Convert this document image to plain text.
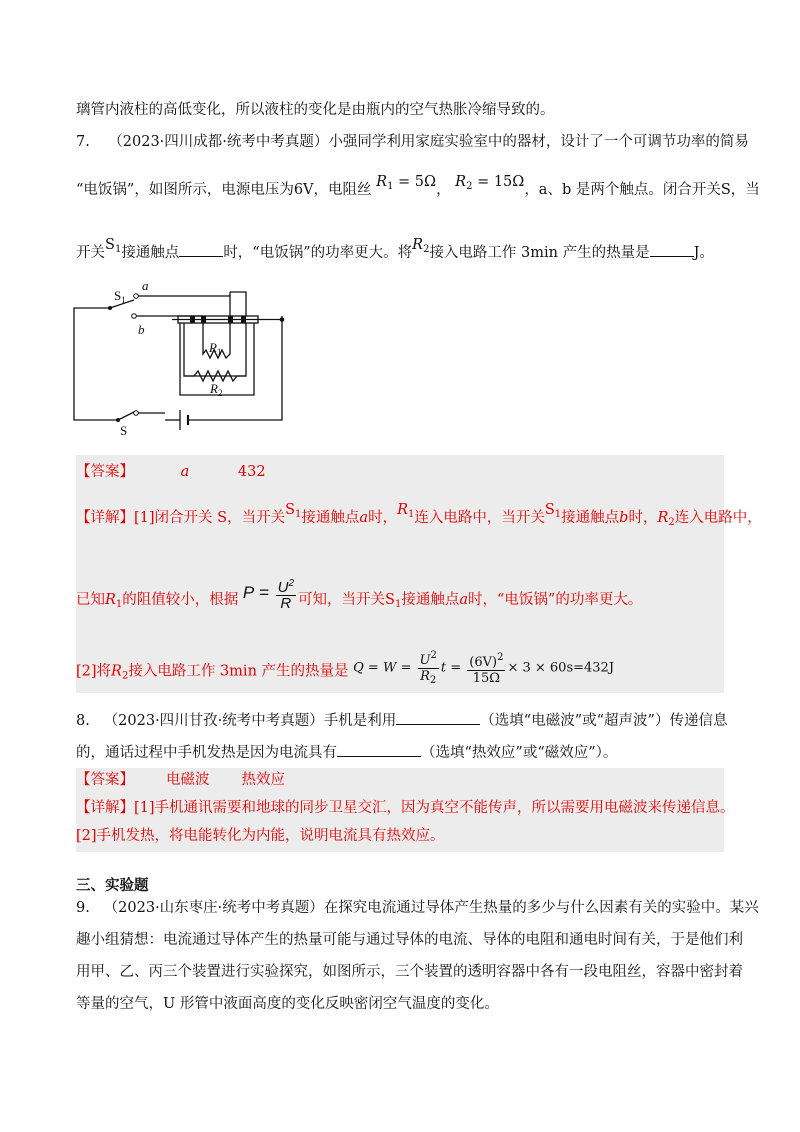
璃管内液柱的高低变化，所以液柱的变化是由瓶内的空气热胀冷缩导致的。
7. （2023·四川成都·统考中考真题）小强同学利用家庭实验室中的器材，设计了一个可调节功率的简易
“电饭锅”，如图所示，电源电压为6V，电阻丝 $R_1 = 5\Omega$， $R_2 = 15\Omega$，a、b 是两个触点。闭合开关S，当
开关$S_1$接通触点	时，“电饭锅”的功率更大。将$R_2$接入电路工作 3min 产生的热量是	J。
$S_1$
a
b
$R_1$
$R_2$
S
【答案】	a	432
【详解】[1]闭合开关 S，当开关$S_1$接通触点a时，$R_1$连入电路中，当开关$S_1$接通触点b时，$R_2$连入电路中，
已知$R_1$的阻值较小，根据 $P = \frac{U^2}{R}$ 可知，当开关$S_1$接通触点a时，“电饭锅”的功率更大。
[2]将$R_2$接入电路工作 3min 产生的热量是 $Q = W = \frac{U^2}{R_2}$ $t = \frac{(6V)^2}{15\Omega} \times 3 \times 60s=432J$
8. （2023·四川甘孜·统考中考真题）手机是利用	（选填“电磁波”或“超声波”）传递信息
的，通话过程中手机发热是因为电流具有	（选填“热效应”或“磁效应”）。
【答案】 电磁波 热效应
【详解】[1]手机通讯需要和地球的同步卫星交汇，因为真空不能传声，所以需要用电磁波来传递信息。
[2]手机发热，将电能转化为内能，说明电流具有热效应。
三、实验题
9. （2023·山东枣庄·统考中考真题）在探究电流通过导体产生热量的多少与什么因素有关的实验中。某兴
趣小组猜想：电流通过导体产生的热量可能与通过导体的电流、导体的电阻和通电时间有关，于是他们利
用甲、乙、丙三个装置进行实验探究，如图所示，三个装置的透明容器中各有一段电阻丝，容器中密封着
等量的空气，U 形管中液面高度的变化反映密闭空气温度的变化。
